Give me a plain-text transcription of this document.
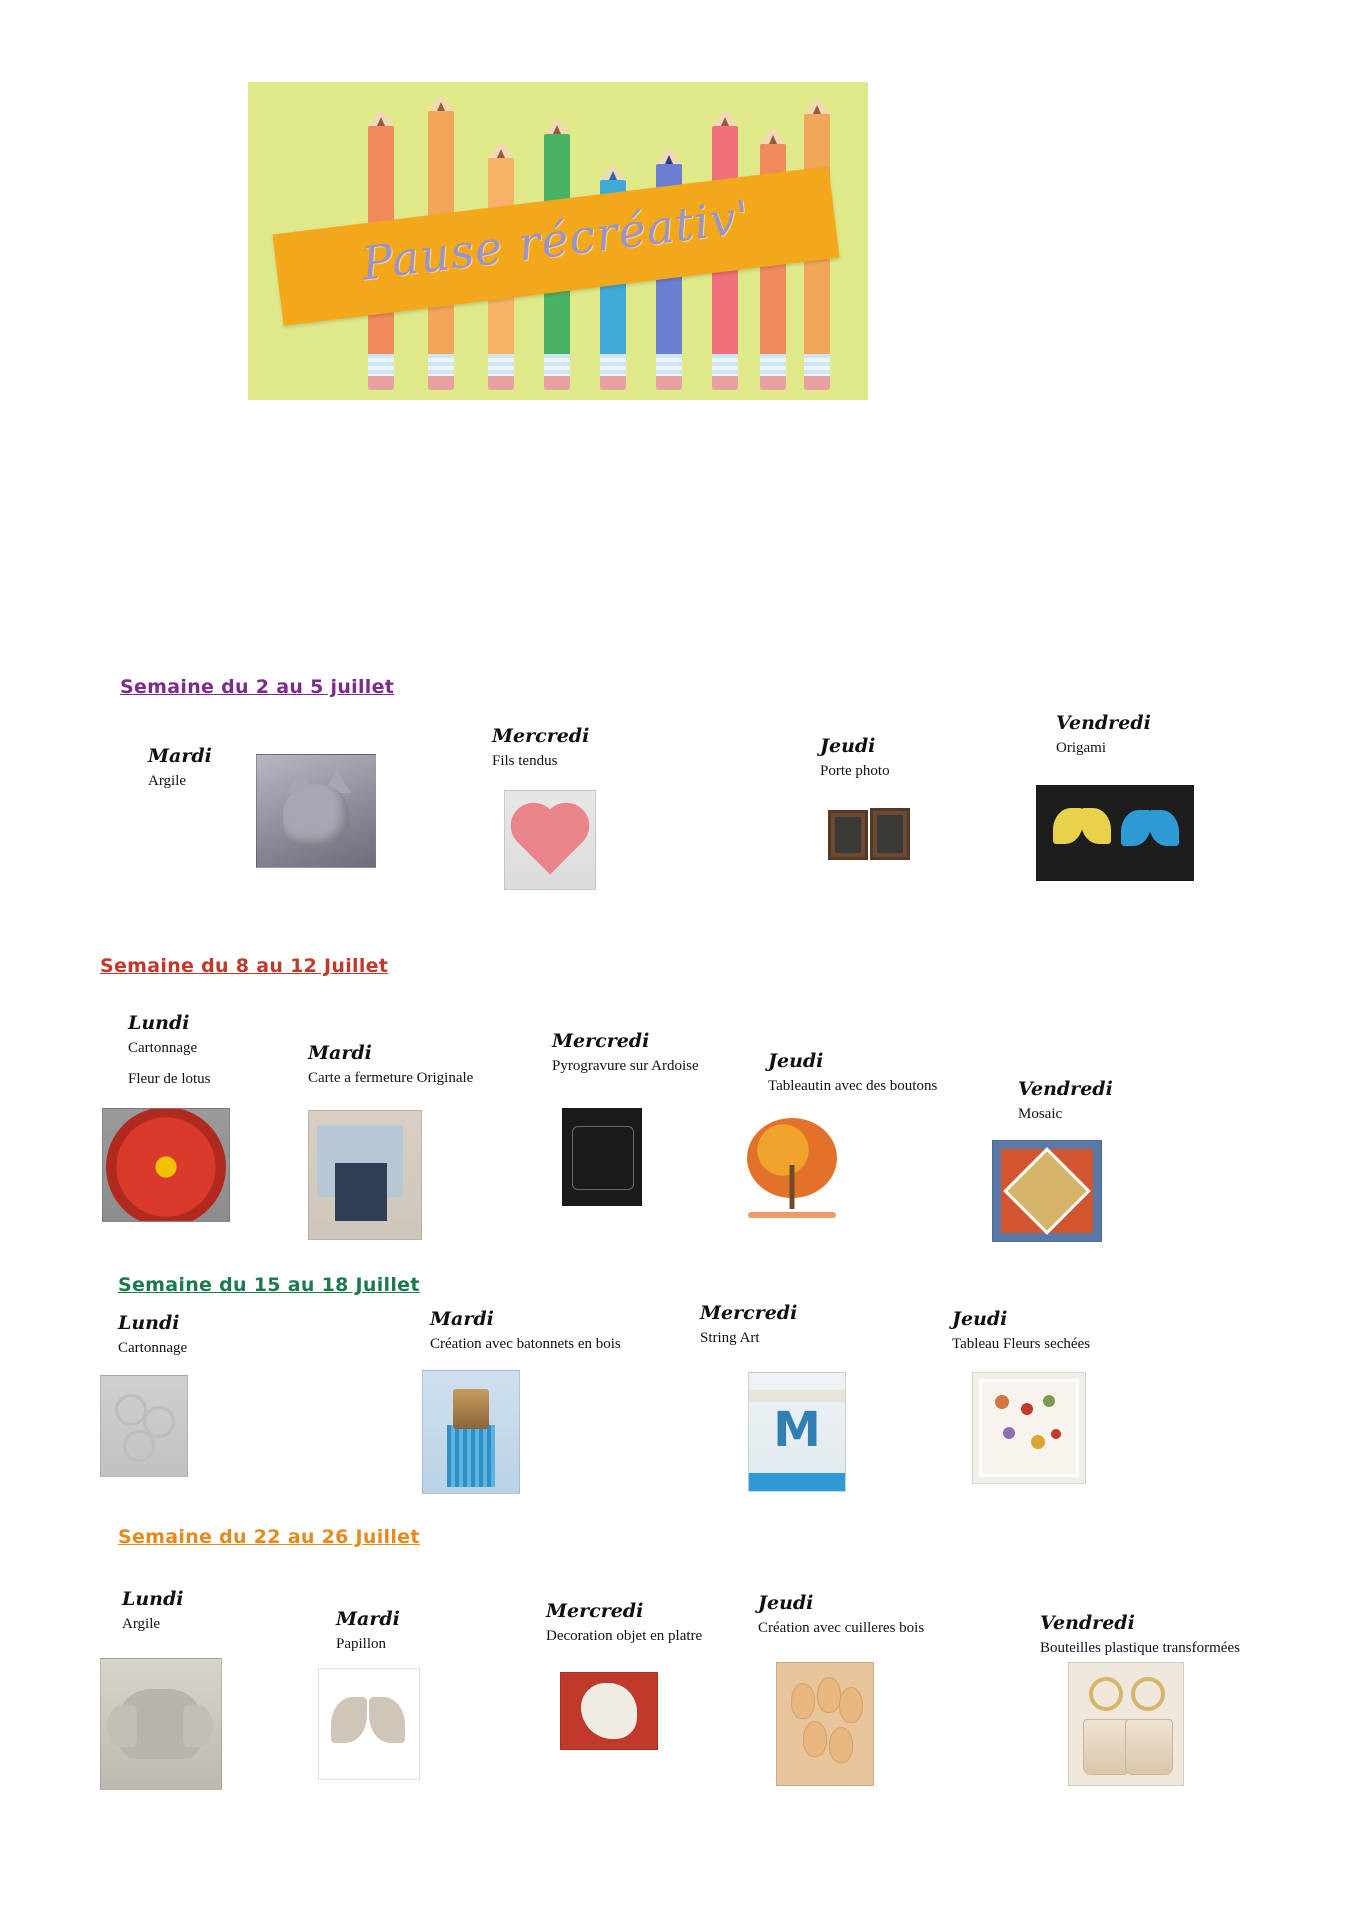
Pause récréativ'
Semaine du 2 au 5 juillet
Mardi
Argile
Mercredi
Fils tendus
Jeudi
Porte photo
Vendredi
Origami
Semaine du 8 au 12 Juillet
Lundi
Cartonnage
Fleur de lotus
Mardi
Carte a fermeture Originale
Mercredi
Pyrogravure sur Ardoise	Jeudi
Tableautin avec des boutons	Vendredi
Mosaic
Semaine du 15 au 18 Juillet
Lundi
Cartonnage
Mardi
Création avec batonnets en bois
Mercredi
String Art
M
Jeudi
Tableau Fleurs sechées
Semaine du 22 au 26 Juillet
Lundi
Argile	Mardi
Papillon
Mercredi
Decoration objet en platre
Jeudi
Création avec cuilleres bois	Vendredi
Bouteilles plastique transformées
